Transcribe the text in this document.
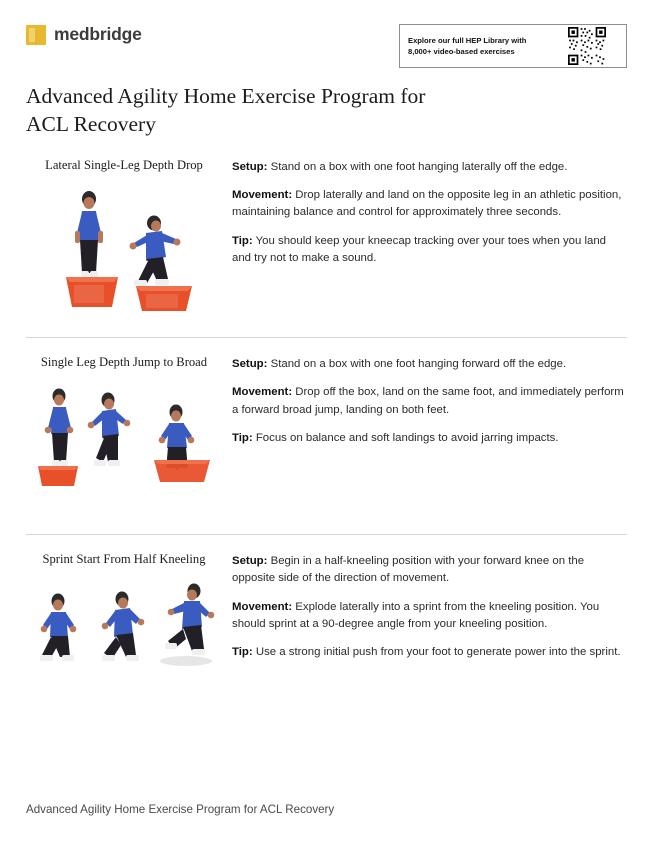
medbridge	Explore our full HEP Library with
8,000+ video-based exercises
Advanced Agility Home Exercise Program for ACL Recovery
Lateral Single-Leg Depth Drop	Setup: Stand on a box with one foot hanging laterally off the edge.

Movement: Drop laterally and land on the opposite leg in an athletic position, maintaining balance and control for approximately three seconds.

Tip: You should keep your kneecap tracking over your toes when you land and try not to make a sound.

Single Leg Depth Jump to Broad	Setup: Stand on a box with one foot hanging forward off the edge.

Movement: Drop off the box, land on the same foot, and immediately perform a forward broad jump, landing on both feet.

Tip: Focus on balance and soft landings to avoid jarring impacts.

Sprint Start From Half Kneeling	Setup: Begin in a half-kneeling position with your forward knee on the opposite side of the direction of movement.

Movement: Explode laterally into a sprint from the kneeling position. You should sprint at a 90-degree angle from your kneeling position.

Tip: Use a strong initial push from your foot to generate power into the sprint.

Advanced Agility Home Exercise Program for ACL Recovery
